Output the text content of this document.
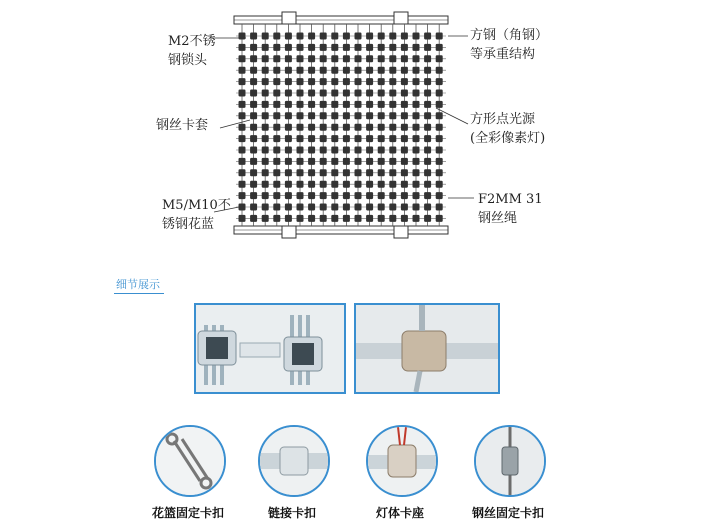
M2不锈
钢锁头
方钢（角钢）
等承重结构
钢丝卡套	方形点光源
(全彩像素灯)
M5/M10不
锈钢花蓝
F2MM 31
钢丝绳
细节展示
花篮固定卡扣	链接卡扣	灯体卡座	钢丝固定卡扣
